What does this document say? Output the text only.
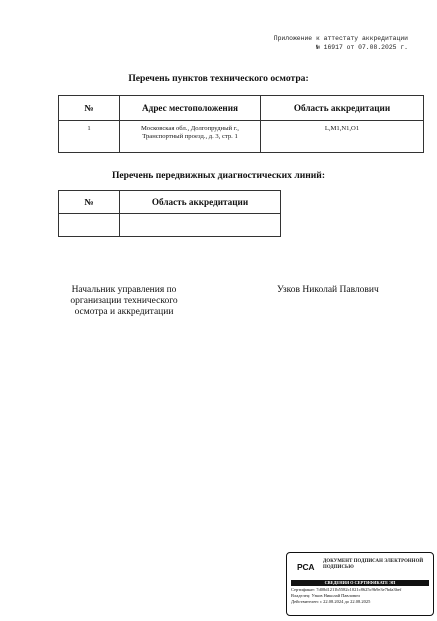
Приложение к аттестату аккредитации
№ 16917 от 07.08.2025 г.
Перечень пунктов технического осмотра:
№	Адрес местоположения	Область аккредитации
1	Московская обл., Долгопрудный г., Транспортный проезд., д. 3, стр. 1	L,M1,N1,O1
Перечень передвижных диагностических линий:
№	Область аккредитации

Начальник управления по организации технического осмотра и аккредитации
Узков Николай Павлович
РСА
ДОКУМЕНТ ПОДПИСАН ЭЛЕКТРОННОЙ ПОДПИСЬЮ
СВЕДЕНИЯ О СЕРТИФИКАТЕ ЭП
Сертификат: 7d08d1211b5582c1021c8625c9b9e3e7bda3bef
Владелец: Узков Николай Павлович
Действителен: с 22.08.2024 до 22.08.2025
